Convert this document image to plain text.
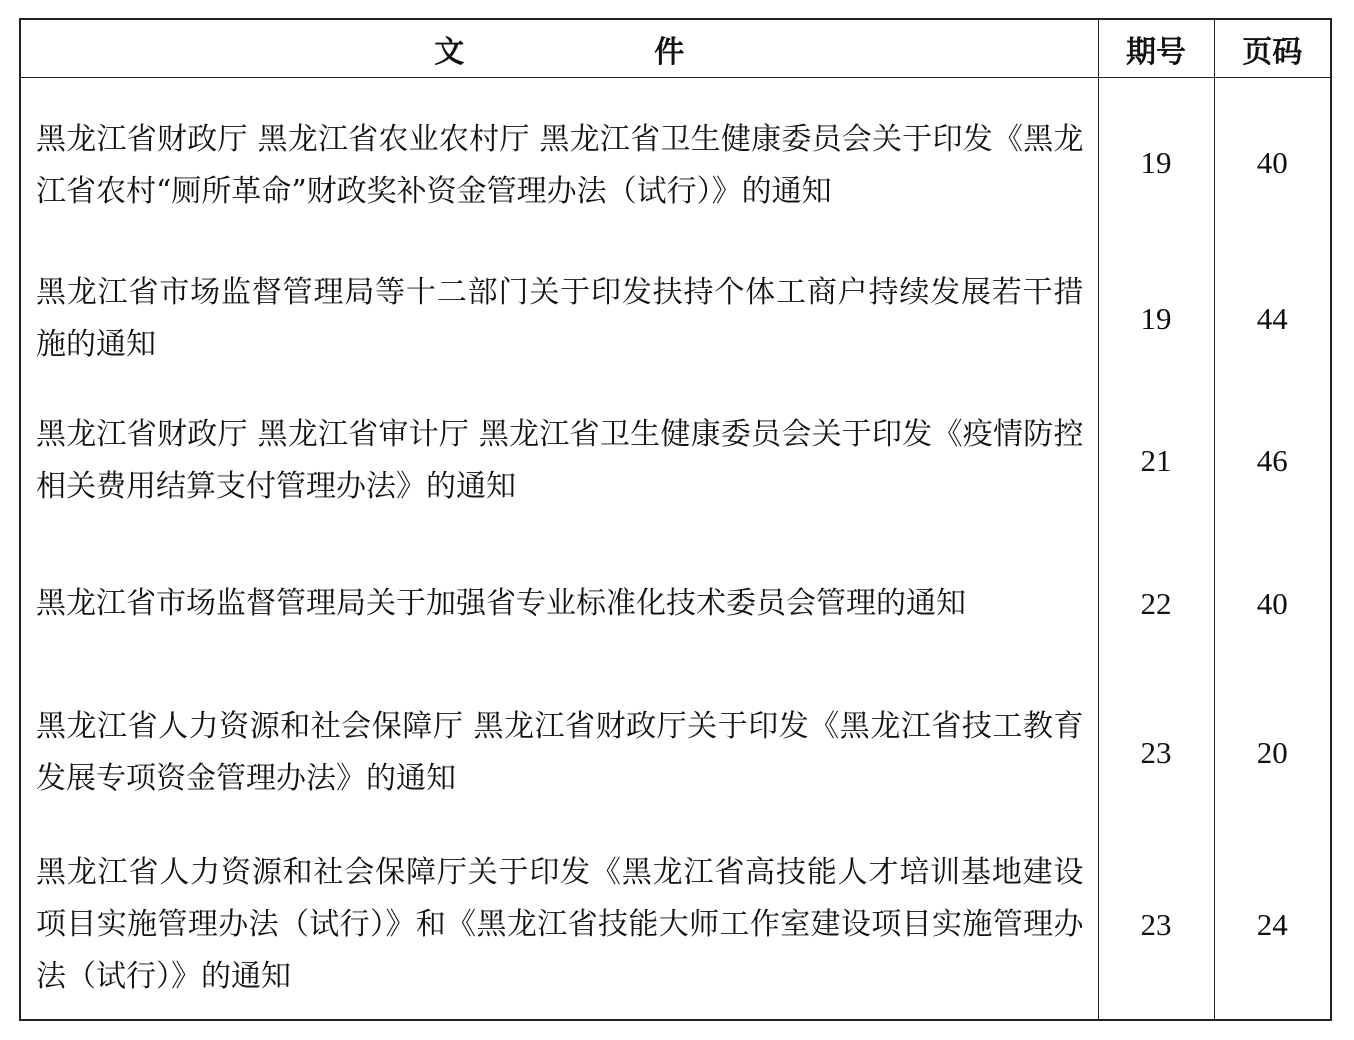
文 件	期号	页码
黑龙江省财政厅 黑龙江省农业农村厅 黑龙江省卫生健康委员会关于印发《黑龙江省农村“厕所革命”财政奖补资金管理办法（试行）》的通知	19	40
黑龙江省市场监督管理局等十二部门关于印发扶持个体工商户持续发展若干措施的通知	19	44
黑龙江省财政厅 黑龙江省审计厅 黑龙江省卫生健康委员会关于印发《疫情防控相关费用结算支付管理办法》的通知	21	46
黑龙江省市场监督管理局关于加强省专业标准化技术委员会管理的通知	22	40
黑龙江省人力资源和社会保障厅 黑龙江省财政厅关于印发《黑龙江省技工教育发展专项资金管理办法》的通知	23	20
黑龙江省人力资源和社会保障厅关于印发《黑龙江省高技能人才培训基地建设项目实施管理办法（试行）》和《黑龙江省技能大师工作室建设项目实施管理办法（试行）》的通知	23	24
